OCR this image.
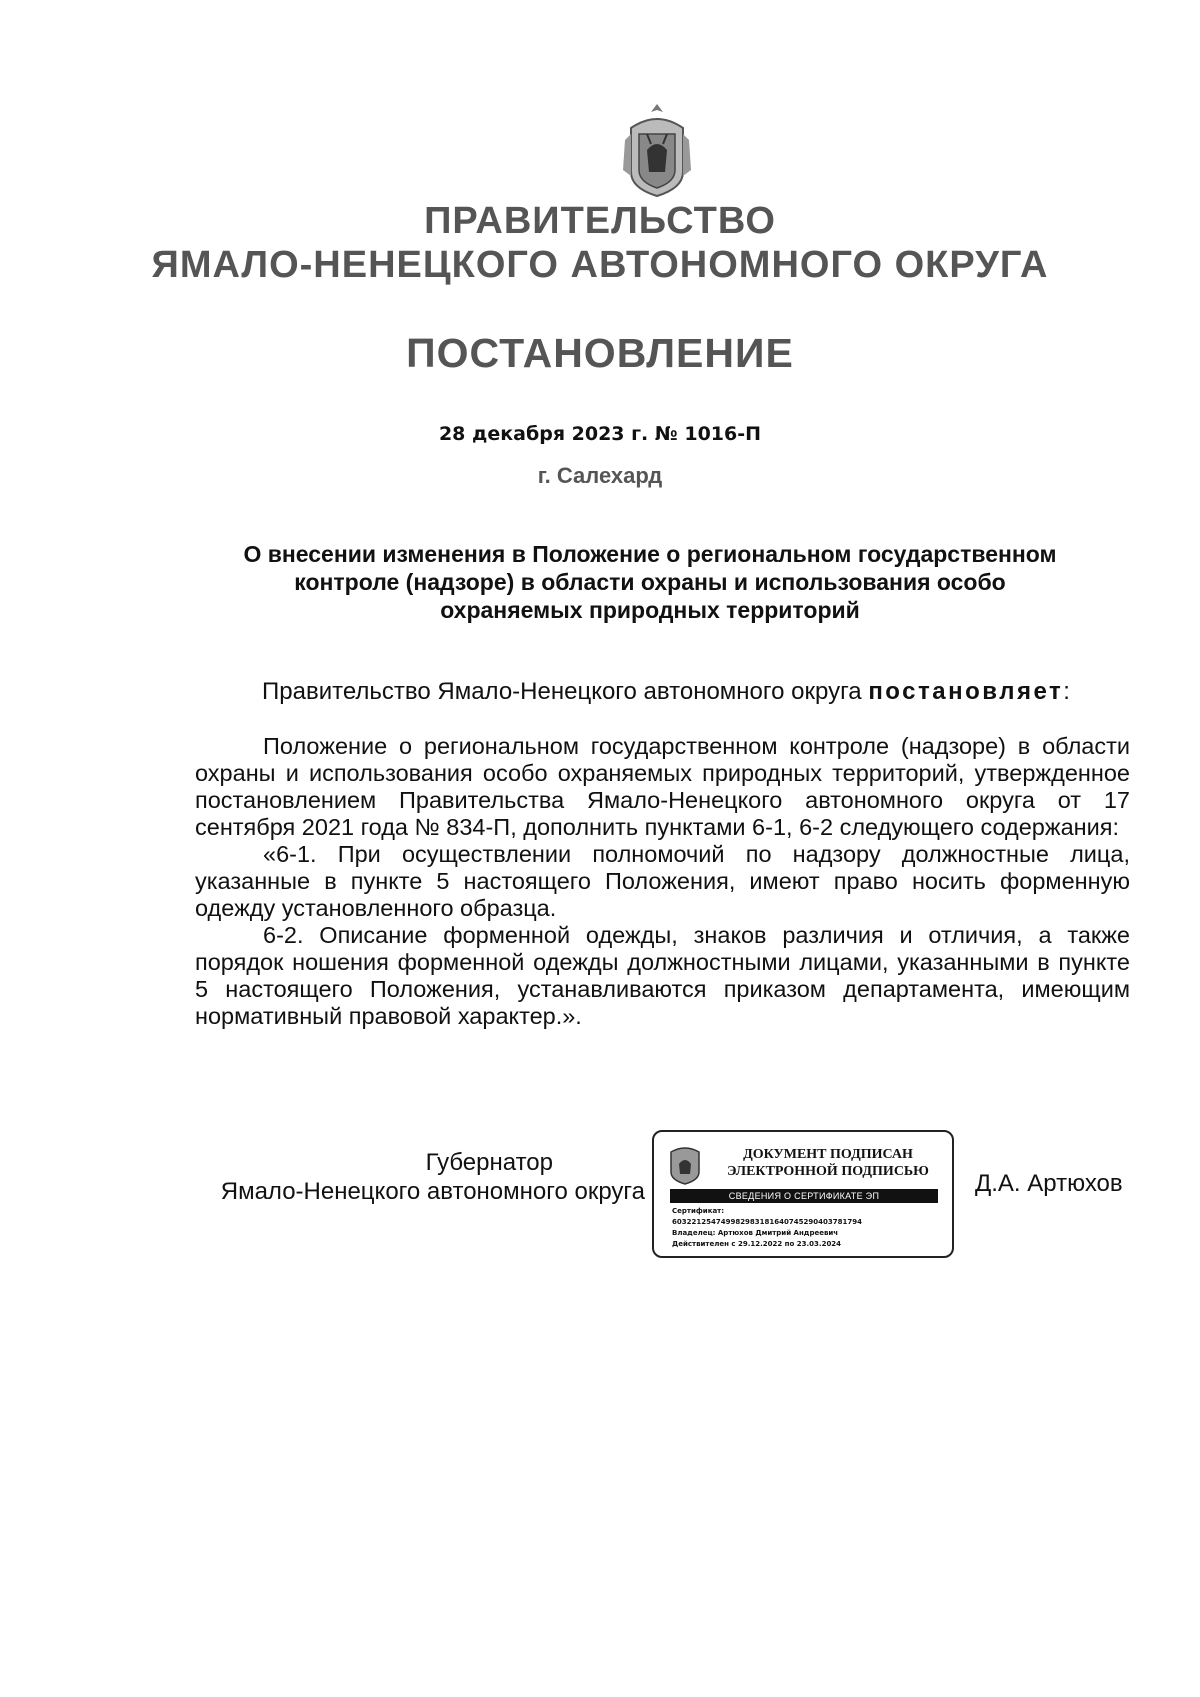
ПРАВИТЕЛЬСТВО
ЯМАЛО-НЕНЕЦКОГО АВТОНОМНОГО ОКРУГА
ПОСТАНОВЛЕНИЕ
28 декабря 2023 г. № 1016-П
г. Салехард
О внесении изменения в Положение о региональном государственном
контроле (надзоре) в области охраны и использования особо
охраняемых природных территорий
Правительство Ямало-Ненецкого автономного округа постановляет:

Положение о региональном государственном контроле (надзоре) в области охраны и использования особо охраняемых природных территорий, утвержденное постановлением Правительства Ямало-Ненецкого автономного округа от 17 сентября 2021 года № 834-П, дополнить пунктами 6-1, 6-2 следующего содержания:

«6-1. При осуществлении полномочий по надзору должностные лица, указанные в пункте 5 настоящего Положения, имеют право носить форменную одежду установленного образца.

6-2. Описание форменной одежды, знаков различия и отличия, а также порядок ношения форменной одежды должностными лицами, указанными в пункте 5 настоящего Положения, устанавливаются приказом департамента, имеющим нормативный правовой характер.».

Губернатор
Ямало-Ненецкого автономного округа
ДОКУМЕНТ ПОДПИСАН
ЭЛЕКТРОННОЙ ПОДПИСЬЮ
СВЕДЕНИЯ О СЕРТИФИКАТЕ ЭП
Сертификат:
603221254749982983181640745290403781794
Владелец: Артюхов Дмитрий Андреевич
Действителен с 29.12.2022 по 23.03.2024
Д.А. Артюхов
